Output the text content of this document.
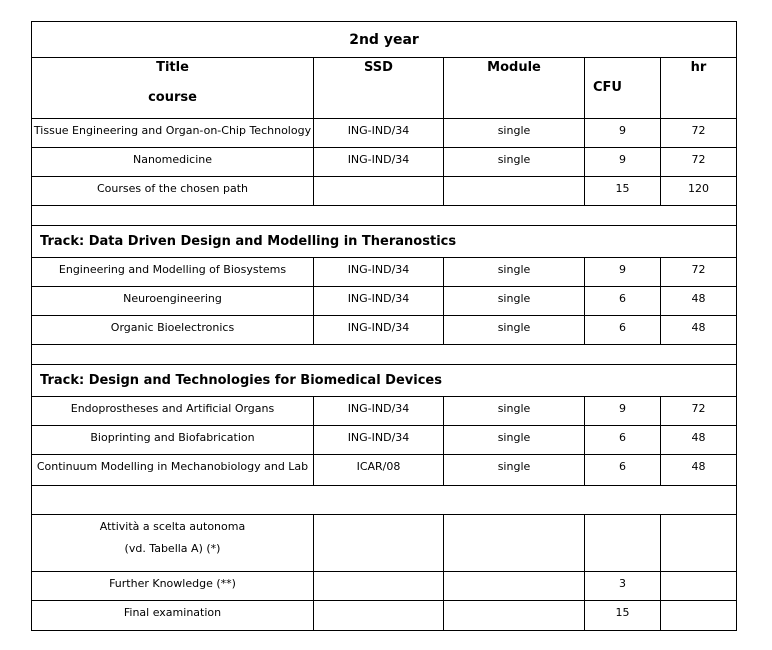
2nd year				
Title
course	SSD	Module	CFU	hr
Tissue Engineering and Organ-on-Chip Technology	ING-IND/34	single	9	72
Nanomedicine	ING-IND/34	single	9	72
Courses of the chosen path			15	120

Track: Data Driven Design and Modelling in Theranostics				
Engineering and Modelling of Biosystems	ING-IND/34	single	9	72
Neuroengineering	ING-IND/34	single	6	48
Organic Bioelectronics	ING-IND/34	single	6	48

Track: Design and Technologies for Biomedical Devices				
Endoprostheses and Artificial Organs	ING-IND/34	single	9	72
Bioprinting and Biofabrication	ING-IND/34	single	6	48
Continuum Modelling in Mechanobiology and Lab	ICAR/08	single	6	48

Attività a scelta autonoma
(vd. Tabella A) (*)				

Further Knowledge (**)			3	
Final examination			15	
